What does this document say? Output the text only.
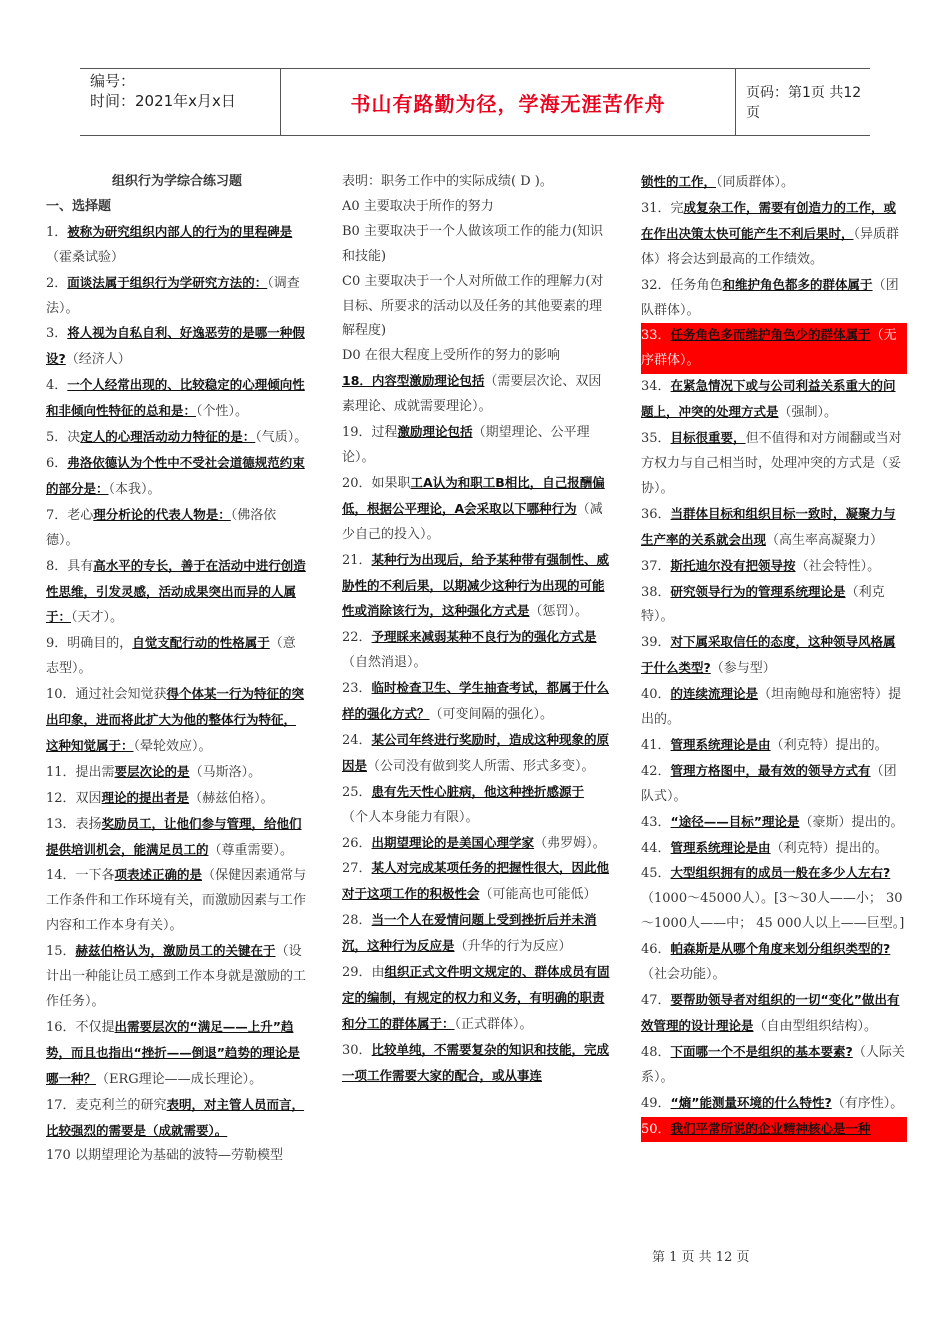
编号：
时间：2021年x月x日	书山有路勤为径，学海无涯苦作舟	页码：第1页 共12页

组织行为学综合练习题

一、选择题

1．被称为研究组织内部人的行为的里程碑是（霍桑试验）

2．面谈法属于组织行为学研究方法的：（调查法）。

3．将人视为自私自利、好逸恶劳的是哪一种假设?（经济人）

4．一个人经常出现的、比较稳定的心理倾向性和非倾向性特征的总和是：（个性）。

5．决定人的心理活动动力特征的是：（气质）。

6．弗洛依德认为个性中不受社会道德规范约束的部分是：（本我）。

7．老心理分析论的代表人物是：（佛洛依德）。

8．具有高水平的专长，善于在活动中进行创造性思维，引发灵感，活动成果突出而异的人属于：（天才）。

9．明确目的，自觉支配行动的性格属于（意志型）。

10．通过社会知觉获得个体某一行为特征的突出印象，进而将此扩大为他的整体行为特征，这种知觉属于：（晕轮效应）。

11．提出需要层次论的是（马斯洛）。

12．双因理论的提出者是（赫兹伯格）。

13．表扬奖励员工，让他们参与管理，给他们提供培训机会，能满足员工的（尊重需要）。

14．一下各项表述正确的是（保健因素通常与工作条件和工作环境有关，而激励因素与工作内容和工作本身有关）。

15．赫兹伯格认为，激励员工的关键在于（设计出一种能让员工感到工作本身就是激励的工作任务）。

16．不仅提出需要层次的“满足——上升”趋势，而且也指出“挫折——倒退”趋势的理论是哪一种？（ERG理论——成长理论）。

17．麦克利兰的研究表明，对主管人员而言，比较强烈的需要是（成就需要）。

170 以期望理论为基础的波特—劳勒模型

表明：职务工作中的实际成绩( D )。

A0 主要取决于所作的努力

B0 主要取决于一个人做该项工作的能力(知识和技能)

C0 主要取决于一个人对所做工作的理解力(对目标、所要求的活动以及任务的其他要素的理解程度)

D0 在很大程度上受所作的努力的影响

18．内容型激励理论包括（需要层次论、双因素理论、成就需要理论）。

19．过程激励理论包括（期望理论、公平理论）。

20．如果职工A认为和职工B相比，自己报酬偏低，根据公平理论，A会采取以下哪种行为（减少自己的投入）。

21．某种行为出现后，给予某种带有强制性、威胁性的不利后果，以期减少这种行为出现的可能性或消除该行为，这种强化方式是（惩罚）。

22．予理睬来减弱某种不良行为的强化方式是（自然消退）。

23．临时检查卫生、学生抽查考试，都属于什么样的强化方式？（可变间隔的强化）。

24．某公司年终进行奖励时，造成这种现象的原因是（公司没有做到奖人所需、形式多变）。

25．患有先天性心脏病，他这种挫折感源于（个人本身能力有限）。

26．出期望理论的是美国心理学家（弗罗姆）。

27．某人对完成某项任务的把握性很大，因此他对于这项工作的积极性会（可能高也可能低）

28．当一个人在爱情问题上受到挫折后并未消沉，这种行为反应是（升华的行为反应）

29．由组织正式文件明文规定的、群体成员有固定的编制，有规定的权力和义务，有明确的职责和分工的群体属于：（正式群体）。

30．比较单纯，不需要复杂的知识和技能，完成一项工作需要大家的配合，或从事连

锁性的工作，（同质群体）。

31．完成复杂工作，需要有创造力的工作，或在作出决策太快可能产生不利后果时，（异质群体）将会达到最高的工作绩效。

32．任务角色和维护角色都多的群体属于（团队群体）。

33．任务角色多而维护角色少的群体属于（无序群体）。

34．在紧急情况下或与公司利益关系重大的问题上，冲突的处理方式是（强制）。

35．目标很重要，但不值得和对方闹翻或当对方权力与自己相当时，处理冲突的方式是（妥协）。

36．当群体目标和组织目标一致时，凝聚力与生产率的关系就会出现（高生率高凝聚力）

37．斯托迪尔没有把领导按（社会特性）。

38．研究领导行为的管理系统理论是（利克特）。

39．对下属采取信任的态度，这种领导风格属于什么类型?（参与型）

40．的连续流理论是（坦南鲍母和施密特）提出的。

41．管理系统理论是由（利克特）提出的。

42．管理方格图中，最有效的领导方式有（团队式）。

43．“途径——目标”理论是（豪斯）提出的。

44．管理系统理论是由（利克特）提出的。

45．大型组织拥有的成员一般在多少人左右?（1000～45000人）。[3～30人——小； 30～1000人——中； 45 000人以上——巨型。]

46．帕森斯是从哪个角度来划分组织类型的?（社会功能）。

47．要帮助领导者对组织的一切“变化”做出有效管理的设计理论是（自由型组织结构）。

48．下面哪一个不是组织的基本要素?（人际关系）。

49．“熵”能测量环境的什么特性?（有序性）。

50．我们平常所说的企业精神核心是一种

第 1 页 共 12 页
